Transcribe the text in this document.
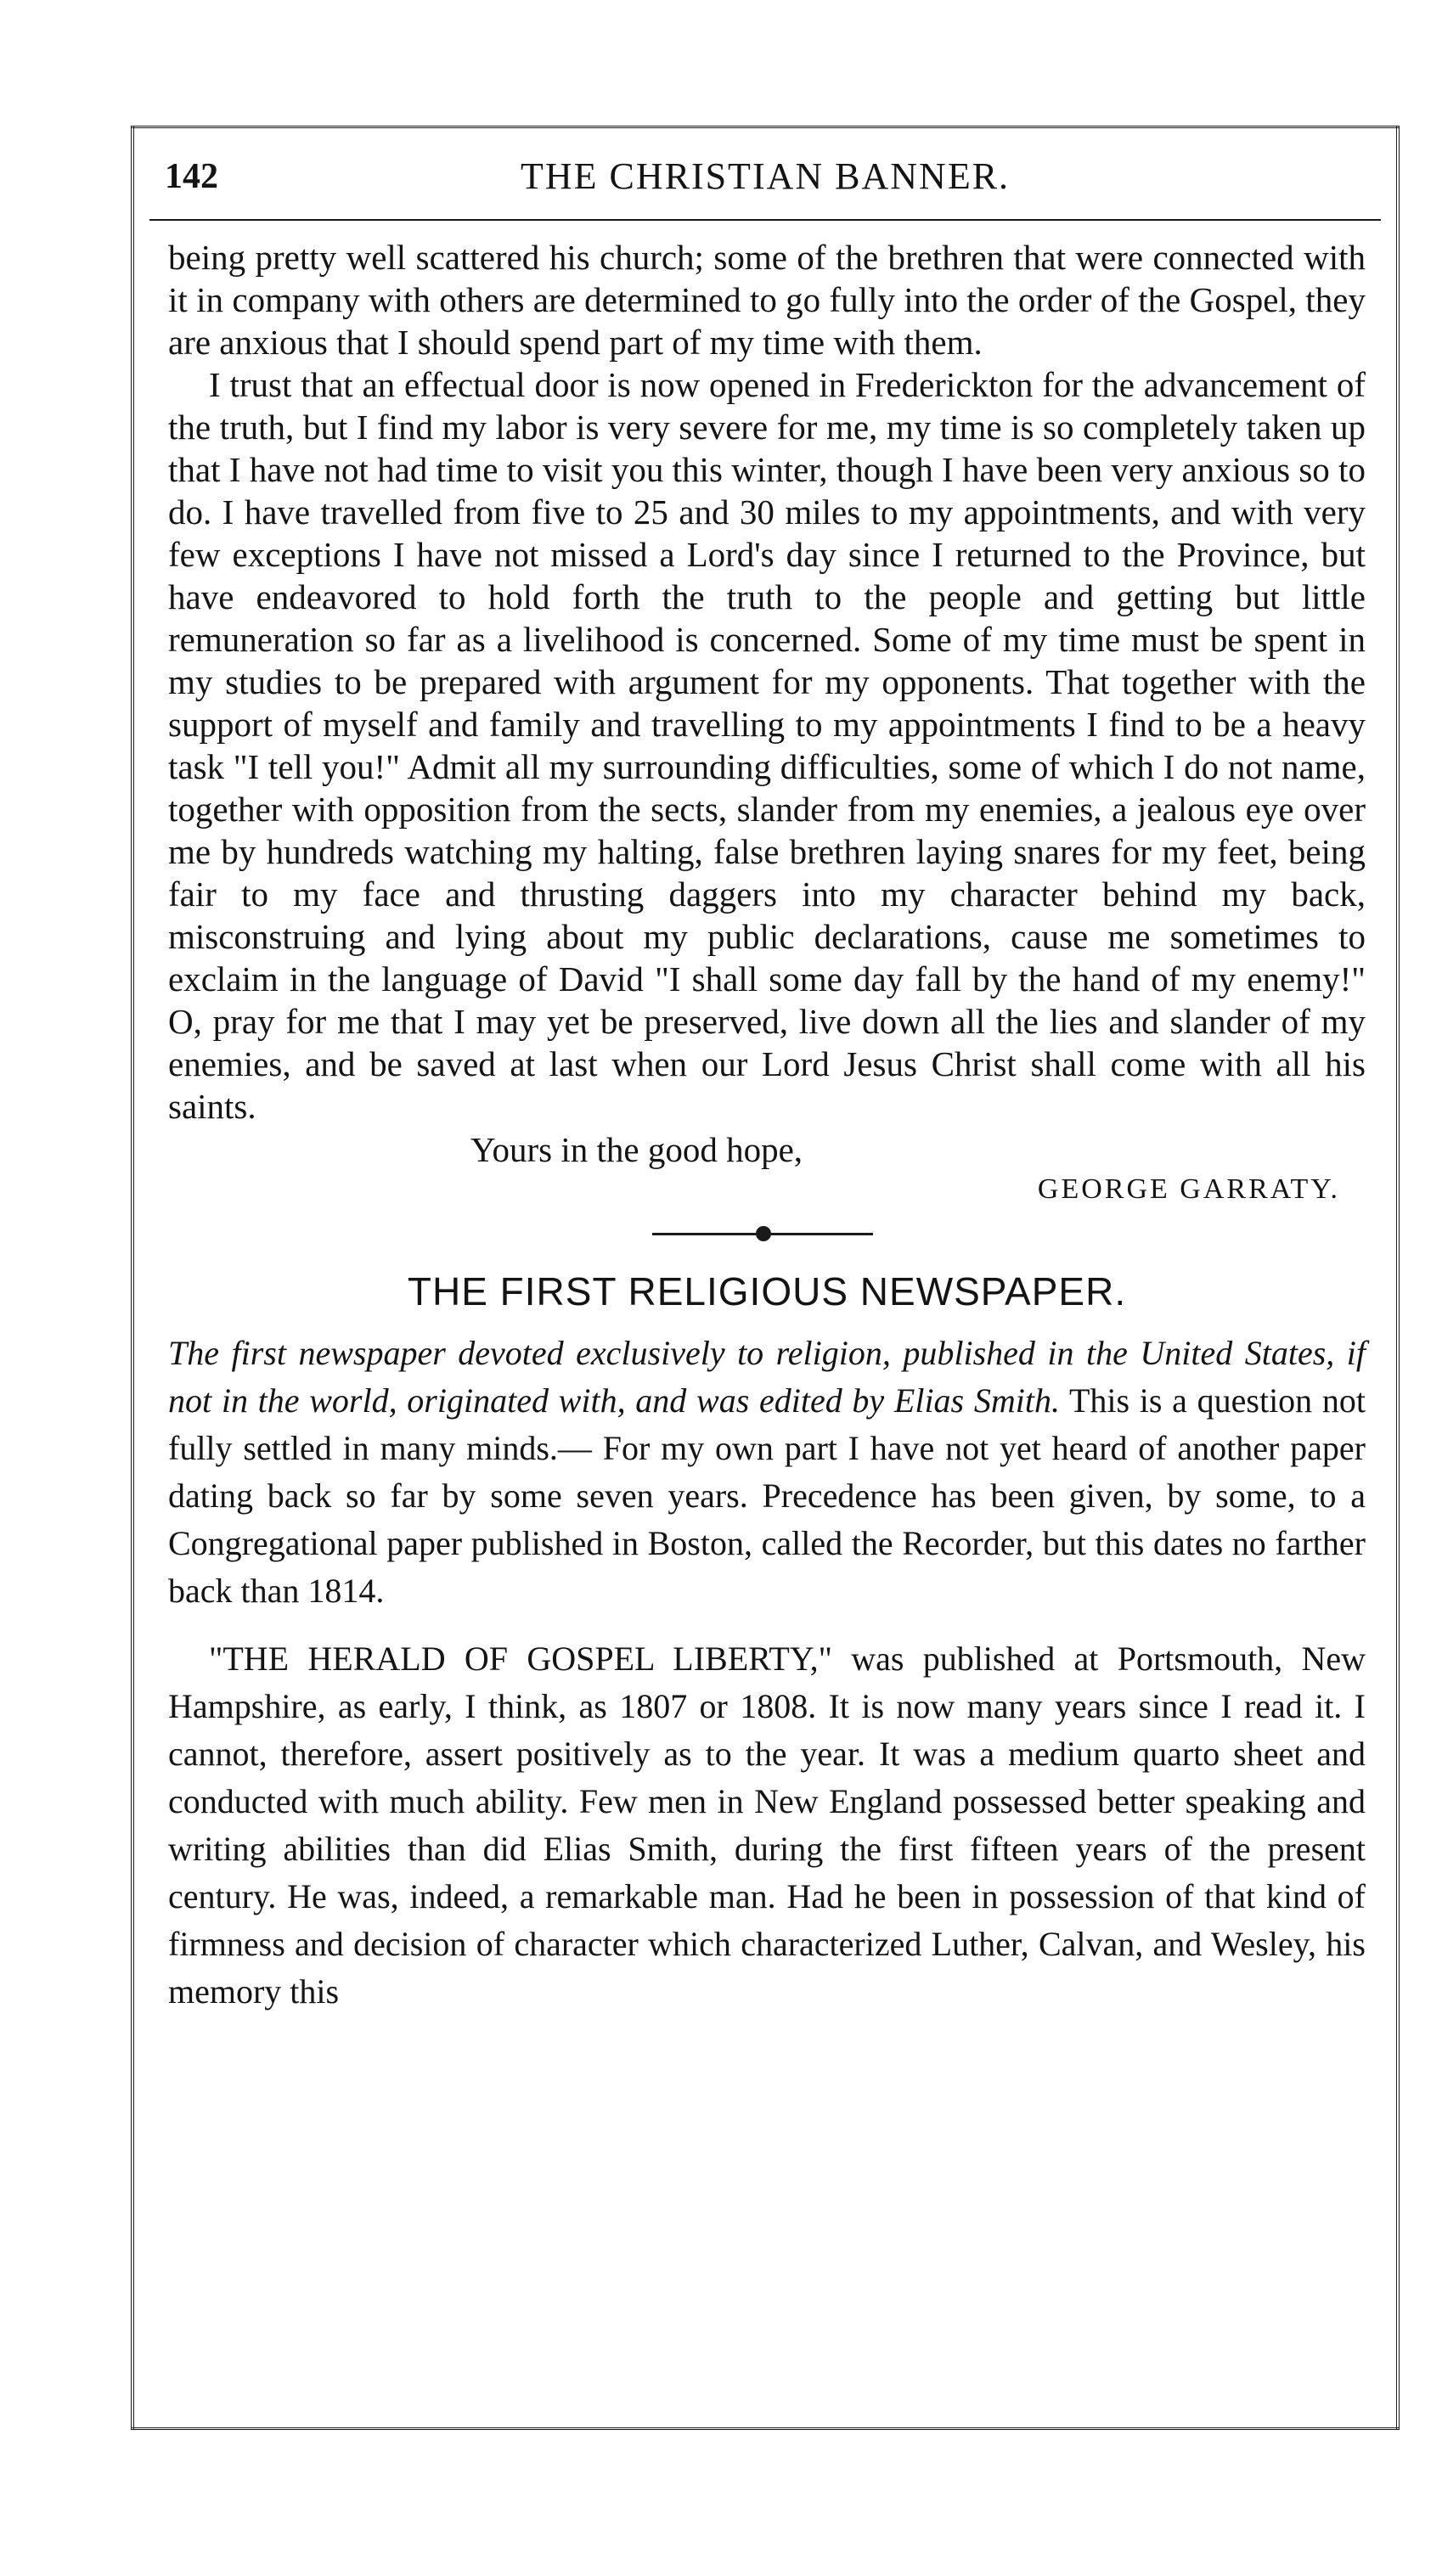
142	THE CHRISTIAN BANNER.

being pretty well scattered his church; some of the brethren that were connected with it in company with others are determined to go fully into the order of the Gospel, they are anxious that I should spend part of my time with them.

I trust that an effectual door is now opened in Frederickton for the advancement of the truth, but I find my labor is very severe for me, my time is so completely taken up that I have not had time to visit you this winter, though I have been very anxious so to do. I have travelled from five to 25 and 30 miles to my appointments, and with very few exceptions I have not missed a Lord's day since I returned to the Province, but have endeavored to hold forth the truth to the people and getting but little remuneration so far as a livelihood is concerned. Some of my time must be spent in my studies to be prepared with argument for my opponents. That together with the support of myself and family and travelling to my appointments I find to be a heavy task "I tell you!" Admit all my surrounding difficulties, some of which I do not name, together with opposition from the sects, slander from my enemies, a jealous eye over me by hundreds watching my halting, false brethren laying snares for my feet, being fair to my face and thrusting daggers into my character behind my back, misconstruing and lying about my public declarations, cause me sometimes to exclaim in the language of David "I shall some day fall by the hand of my enemy!" O, pray for me that I may yet be preserved, live down all the lies and slander of my enemies, and be saved at last when our Lord Jesus Christ shall come with all his saints.

Yours in the good hope,
GEORGE GARRATY.
THE FIRST RELIGIOUS NEWSPAPER.

The first newspaper devoted exclusively to religion, published in the United States, if not in the world, originated with, and was edited by Elias Smith. This is a question not fully settled in many minds.— For my own part I have not yet heard of another paper dating back so far by some seven years. Precedence has been given, by some, to a Congregational paper published in Boston, called the Recorder, but this dates no farther back than 1814.

"THE HERALD OF GOSPEL LIBERTY," was published at Portsmouth, New Hampshire, as early, I think, as 1807 or 1808. It is now many years since I read it. I cannot, therefore, assert positively as to the year. It was a medium quarto sheet and conducted with much ability. Few men in New England possessed better speaking and writing abilities than did Elias Smith, during the first fifteen years of the present century. He was, indeed, a remarkable man. Had he been in possession of that kind of firmness and decision of character which characterized Luther, Calvan, and Wesley, his memory this
